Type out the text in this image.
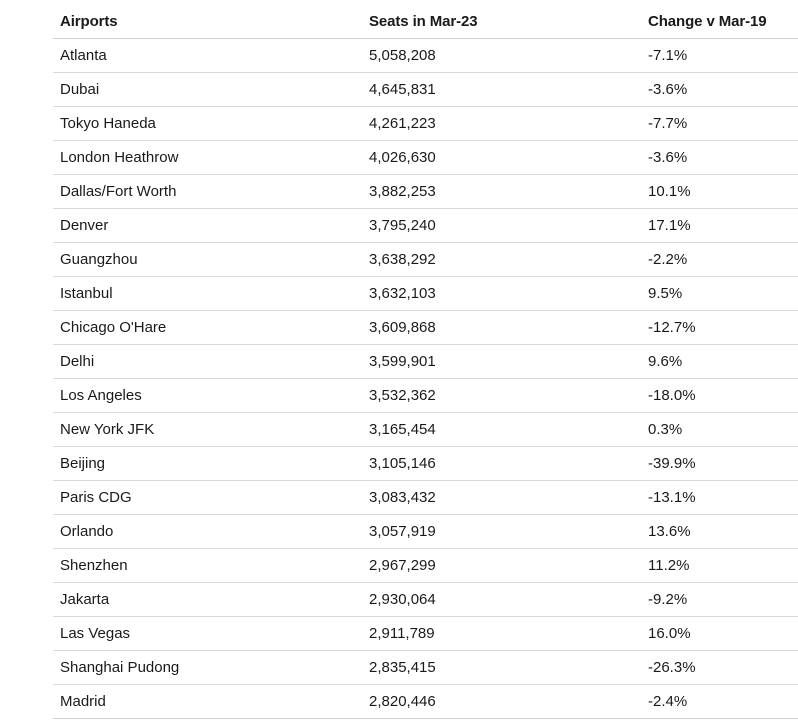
Airports	Seats in Mar-23	Change v Mar-19
Atlanta	5,058,208	-7.1%
Dubai	4,645,831	-3.6%
Tokyo Haneda	4,261,223	-7.7%
London Heathrow	4,026,630	-3.6%
Dallas/Fort Worth	3,882,253	10.1%
Denver	3,795,240	17.1%
Guangzhou	3,638,292	-2.2%
Istanbul	3,632,103	9.5%
Chicago O'Hare	3,609,868	-12.7%
Delhi	3,599,901	9.6%
Los Angeles	3,532,362	-18.0%
New York JFK	3,165,454	0.3%
Beijing	3,105,146	-39.9%
Paris CDG	3,083,432	-13.1%
Orlando	3,057,919	13.6%
Shenzhen	2,967,299	11.2%
Jakarta	2,930,064	-9.2%
Las Vegas	2,911,789	16.0%
Shanghai Pudong	2,835,415	-26.3%
Madrid	2,820,446	-2.4%
